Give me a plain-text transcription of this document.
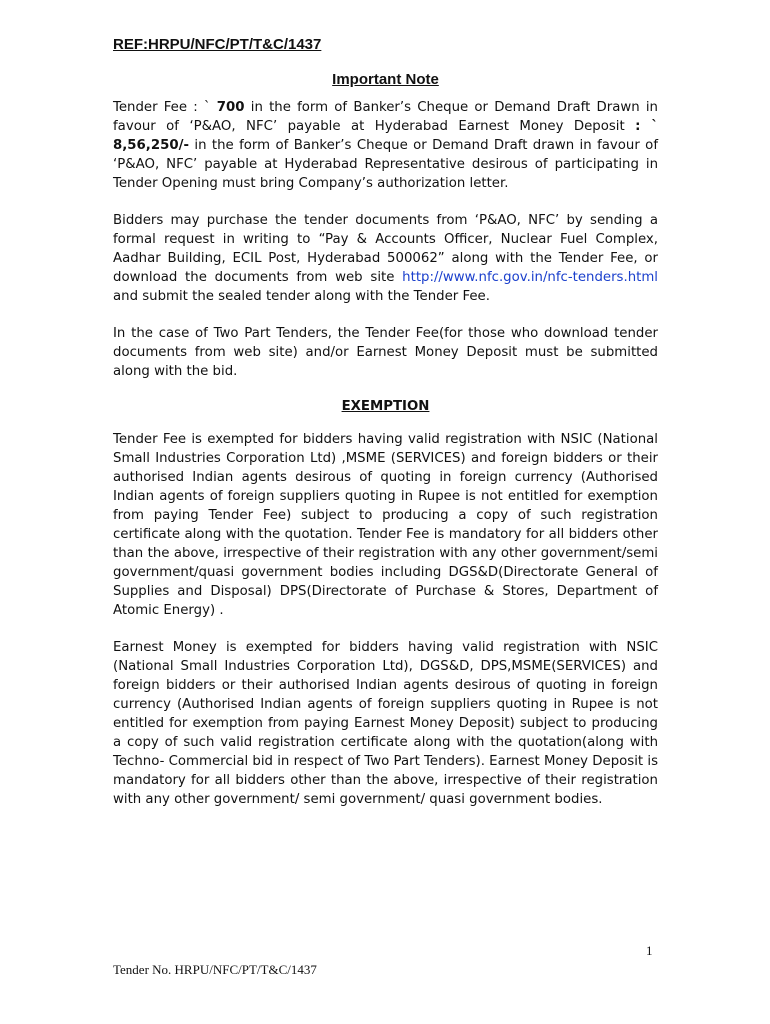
REF:HRPU/NFC/PT/T&C/1437
Important Note

Tender Fee : ` 700 in the form of Banker’s Cheque or Demand Draft Drawn in favour of ‘P&AO, NFC’ payable at Hyderabad Earnest Money Deposit : ` 8,56,250/- in the form of Banker’s Cheque or Demand Draft drawn in favour of ‘P&AO, NFC’ payable at Hyderabad Representative desirous of participating in Tender Opening must bring Company’s authorization letter.

Bidders may purchase the tender documents from ‘P&AO, NFC’ by sending a formal request in writing to “Pay & Accounts Officer, Nuclear Fuel Complex, Aadhar Building, ECIL Post, Hyderabad 500062” along with the Tender Fee, or download the documents from web site http://www.nfc.gov.in/nfc-tenders.html and submit the sealed tender along with the Tender Fee.

In the case of Two Part Tenders, the Tender Fee(for those who download tender documents from web site) and/or Earnest Money Deposit must be submitted along with the bid.

EXEMPTION

Tender Fee is exempted for bidders having valid registration with NSIC (National Small Industries Corporation Ltd) ,MSME (SERVICES) and foreign bidders or their authorised Indian agents desirous of quoting in foreign currency (Authorised Indian agents of foreign suppliers quoting in Rupee is not entitled for exemption from paying Tender Fee) subject to producing a copy of such registration certificate along with the quotation. Tender Fee is mandatory for all bidders other than the above, irrespective of their registration with any other government/semi government/quasi government bodies including DGS&D(Directorate General of Supplies and Disposal) DPS(Directorate of Purchase & Stores, Department of Atomic Energy) .

Earnest Money is exempted for bidders having valid registration with NSIC (National Small Industries Corporation Ltd), DGS&D, DPS,MSME(SERVICES) and foreign bidders or their authorised Indian agents desirous of quoting in foreign currency (Authorised Indian agents of foreign suppliers quoting in Rupee is not entitled for exemption from paying Earnest Money Deposit) subject to producing a copy of such valid registration certificate along with the quotation(along with Techno- Commercial bid in respect of Two Part Tenders). Earnest Money Deposit is mandatory for all bidders other than the above, irrespective of their registration with any other government/ semi government/ quasi government bodies.

1
Tender No. HRPU/NFC/PT/T&C/1437
